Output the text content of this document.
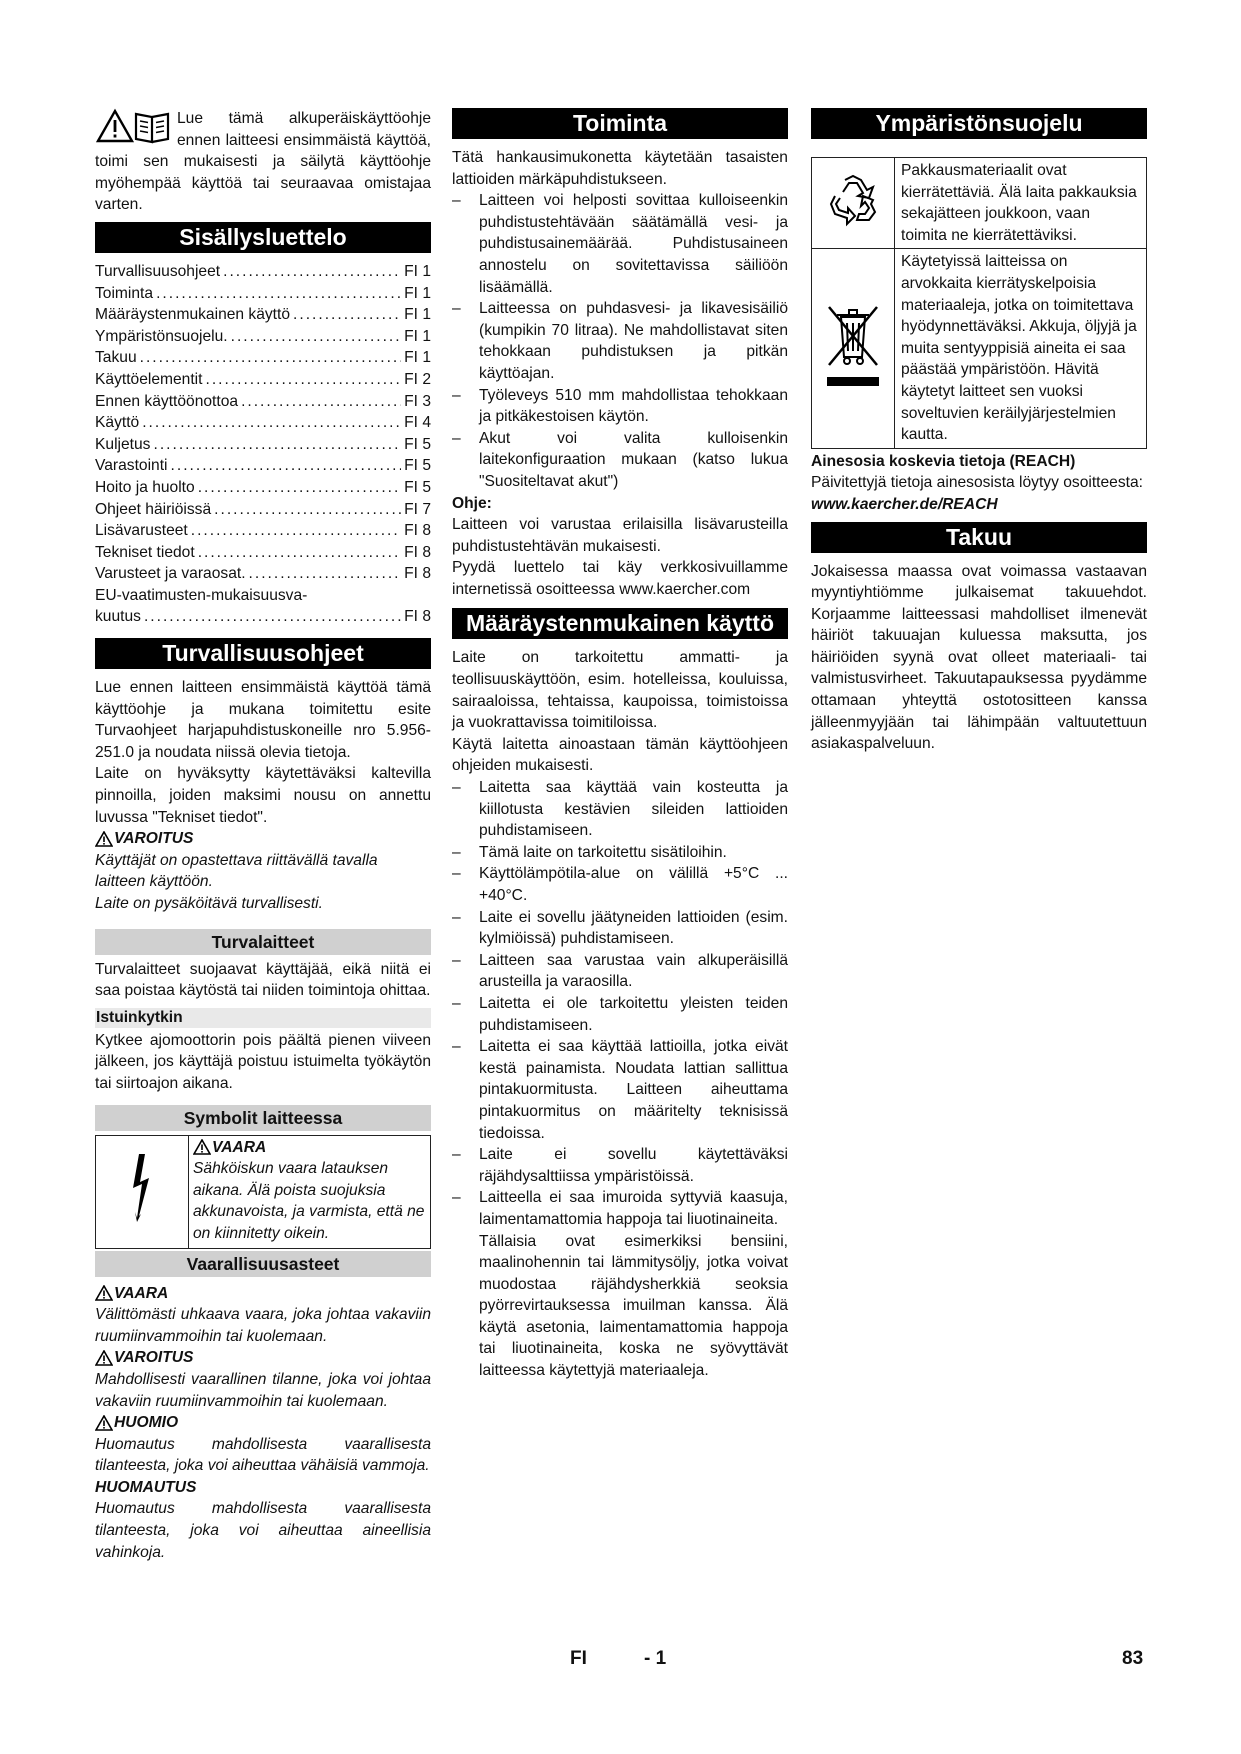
Lue tämä alkuperäiskäyttöohje ennen laitteesi ensimmäistä käyttöä, toimi sen mukaisesti ja säilytä käyttöohje myöhempää käyttöä tai seuraavaa omistajaa varten.

Sisällysluettelo
Turvallisuusohjeet .....	FI 1
Toiminta .....	FI 1
Määräystenmukainen käyttö .....	FI 1
Ympäristönsuojelu. .....	FI 1
Takuu .....	FI 1
Käyttöelementit .....	FI 2
Ennen käyttöönottoa .....	FI 3
Käyttö .....	FI 4
Kuljetus .....	FI 5
Varastointi .....	FI 5
Hoito ja huolto .....	FI 5
Ohjeet häiriöissä .....	FI 7
Lisävarusteet .....	FI 8
Tekniset tiedot .....	FI 8
Varusteet ja varaosat. .....	FI 8
EU-vaatimusten-mukaisuusva-
kuutus .....	FI 8
Turvallisuusohjeet

Lue ennen laitteen ensimmäistä käyttöä tämä käyttöohje ja mukana toimitettu esite Turvaohjeet harjapuhdistuskoneille nro 5.956-251.0 ja noudata niissä olevia tietoja.

Laite on hyväksytty käytettäväksi kaltevilla pinnoilla, joiden maksimi nousu on annettu luvussa "Tekniset tiedot".

VAROITUS

Käyttäjät on opastettava riittävällä tavalla laitteen käyttöön.

Laite on pysäköitävä turvallisesti.

Turvalaitteet

Turvalaitteet suojaavat käyttäjää, eikä niitä ei saa poistaa käytöstä tai niiden toimintoja ohittaa.

Istuinkytkin

Kytkee ajomoottorin pois päältä pienen viiveen jälkeen, jos käyttäjä poistuu istuimelta työkäytön tai siirtoajon aikana.

Symbolit laitteessa

VAARA

Sähköiskun vaara latauksen aikana. Älä poista suojuksia akkunavoista, ja varmista, että ne on kiinnitetty oikein.

Vaarallisuusasteet
VAARA

Välittömästi uhkaava vaara, joka johtaa vakaviin ruumiinvammoihin tai kuolemaan.

VAROITUS

Mahdollisesti vaarallinen tilanne, joka voi johtaa vakaviin ruumiinvammoihin tai kuolemaan.

HUOMIO

Huomautus mahdollisesta vaarallisesta tilanteesta, joka voi aiheuttaa vähäisiä vammoja.

HUOMAUTUS

Huomautus mahdollisesta vaarallisesta tilanteesta, joka voi aiheuttaa aineellisia vahinkoja.

Toiminta

Tätä hankausimukonetta käytetään tasaisten lattioiden märkäpuhdistukseen.

– Laitteen voi helposti sovittaa kulloiseenkin puhdistustehtävään säätämällä vesi- ja puhdistusainemäärää. Puhdistusaineen annostelu on sovitettavissa säiliöön lisäämällä.
– Laitteessa on puhdasvesi- ja likavesisäiliö (kumpikin 70 litraa). Ne mahdollistavat siten tehokkaan puhdistuksen ja pitkän käyttöajan.
– Työleveys 510 mm mahdollistaa tehokkaan ja pitkäkestoisen käytön.
– Akut voi valita kulloisenkin laitekonfiguraation mukaan (katso lukua "Suositeltavat akut")

Ohje:

Laitteen voi varustaa erilaisilla lisävarusteilla puhdistustehtävän mukaisesti.

Pyydä luettelo tai käy verkkosivuillamme internetissä osoitteessa www.kaercher.com

Määräystenmukainen käyttö

Laite on tarkoitettu ammatti- ja teollisuuskäyttöön, esim. hotelleissa, kouluissa, sairaaloissa, tehtaissa, kaupoissa, toimistoissa ja vuokrattavissa toimitiloissa.

Käytä laitetta ainoastaan tämän käyttöohjeen ohjeiden mukaisesti.

– Laitetta saa käyttää vain kosteutta ja kiillotusta kestävien sileiden lattioiden puhdistamiseen.
– Tämä laite on tarkoitettu sisätiloihin.
– Käyttölämpötila-alue on välillä +5°C ... +40°C.
– Laite ei sovellu jäätyneiden lattioiden (esim. kylmiöissä) puhdistamiseen.
– Laitteen saa varustaa vain alkuperäisillä arusteilla ja varaosilla.
– Laitetta ei ole tarkoitettu yleisten teiden puhdistamiseen.
– Laitetta ei saa käyttää lattioilla, jotka eivät kestä painamista. Noudata lattian sallittua pintakuormitusta. Laitteen aiheuttama pintakuormitus on määritelty teknisissä tiedoissa.
– Laite ei sovellu käytettäväksi räjähdysalttiissa ympäristöissä.
– Laitteella ei saa imuroida syttyviä kaasuja, laimentamattomia happoja tai liuotinaineita.

Tällaisia ovat esimerkiksi bensiini, maalinohennin tai lämmitysöljy, jotka voivat muodostaa räjähdysherkkiä seoksia pyörrevirtauksessa imuilman kanssa. Älä käytä asetonia, laimentamattomia happoja tai liuotinaineita, koska ne syövyttävät laitteessa käytettyjä materiaaleja.

Ympäristönsuojelu

Pakkausmateriaalit ovat kierrätettäviä. Älä laita pakkauksia sekajätteen joukkoon, vaan toimita ne kierrätettäviksi.

Käytetyissä laitteissa on arvokkaita kierrätyskelpoisia materiaaleja, jotka on toimitettava hyödynnettäväksi. Akkuja, öljyjä ja muita sentyyppisiä aineita ei saa päästää ympäristöön. Hävitä käytetyt laitteet sen vuoksi soveltuvien keräilyjärjestelmien kautta.

Ainesosia koskevia tietoja (REACH)

Päivitettyjä tietoja ainesosista löytyy osoitteesta:

www.kaercher.de/REACH

Takuu

Jokaisessa maassa ovat voimassa vastaavan myyntiyhtiömme julkaisemat takuuehdot. Korjaamme laitteessasi mahdolliset ilmenevät häiriöt takuuajan kuluessa maksutta, jos häiriöiden syynä ovat olleet materiaali- tai valmistusvirheet. Takuutapauksessa pyydämme ottamaan yhteyttä ostotositteen kanssa jälleenmyyjään tai lähimpään valtuutettuun asiakaspalveluun.

FI	- 1	83
